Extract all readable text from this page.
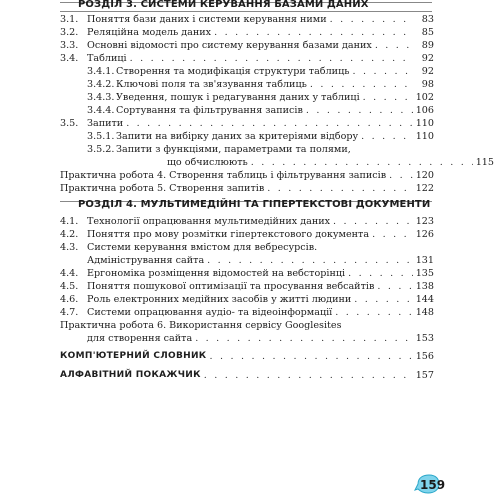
РОЗДІЛ 3. СИСТЕМИ КЕРУВАННЯ БАЗАМИ ДАНИХ
3.1. Поняття бази даних і системи керування ними . . .	83
3.2. Реляційна модель даних . . .	85
3.3. Основні відомості про систему керування базами даних . . .	89
3.4. Таблиці . . .	92
3.4.1. Створення та модифікація структури таблиць . . .	92
3.4.2. Ключові поля та зв'язування таблиць . . .	98
3.4.3. Уведення, пошук і редагування даних у таблиці . . .	102
3.4.4. Сортування та фільтрування записів . . .	106
3.5. Запити . . .	110
3.5.1. Запити на вибірку даних за критеріями відбору . . .	110
3.5.2. Запити з функціями, параметрами та полями,
що обчислюють . . .	115
Практична робота 4. Створення таблиць і фільтрування записів . . .	120
Практична робота 5. Створення запитів . . .	122
РОЗДІЛ 4. МУЛЬТИМЕДІЙНІ ТА ГІПЕРТЕКСТОВІ ДОКУМЕНТИ
4.1. Технології опрацювання мультимедійних даних . . .	123
4.2. Поняття про мову розмітки гіпертекстового документа . . .	126
4.3. Системи керування вмістом для вебресурсів.
Адміністрування сайта . . .	131
4.4. Ергономіка розміщення відомостей на вебсторінці . . .	135
4.5. Поняття пошукової оптимізації та просування вебсайтів . . .	138
4.6. Роль електронних медійних засобів у житті людини . . .	144
4.7. Системи опрацювання аудіо- та відеоінформації . . .	148
Практична робота 6. Використання сервісу Googlesites
для створення сайта . . .	153
КОМП'ЮТЕРНИЙ СЛОВНИК . . .	156
АЛФАВІТНИЙ ПОКАЖЧИК . . .	157
159
